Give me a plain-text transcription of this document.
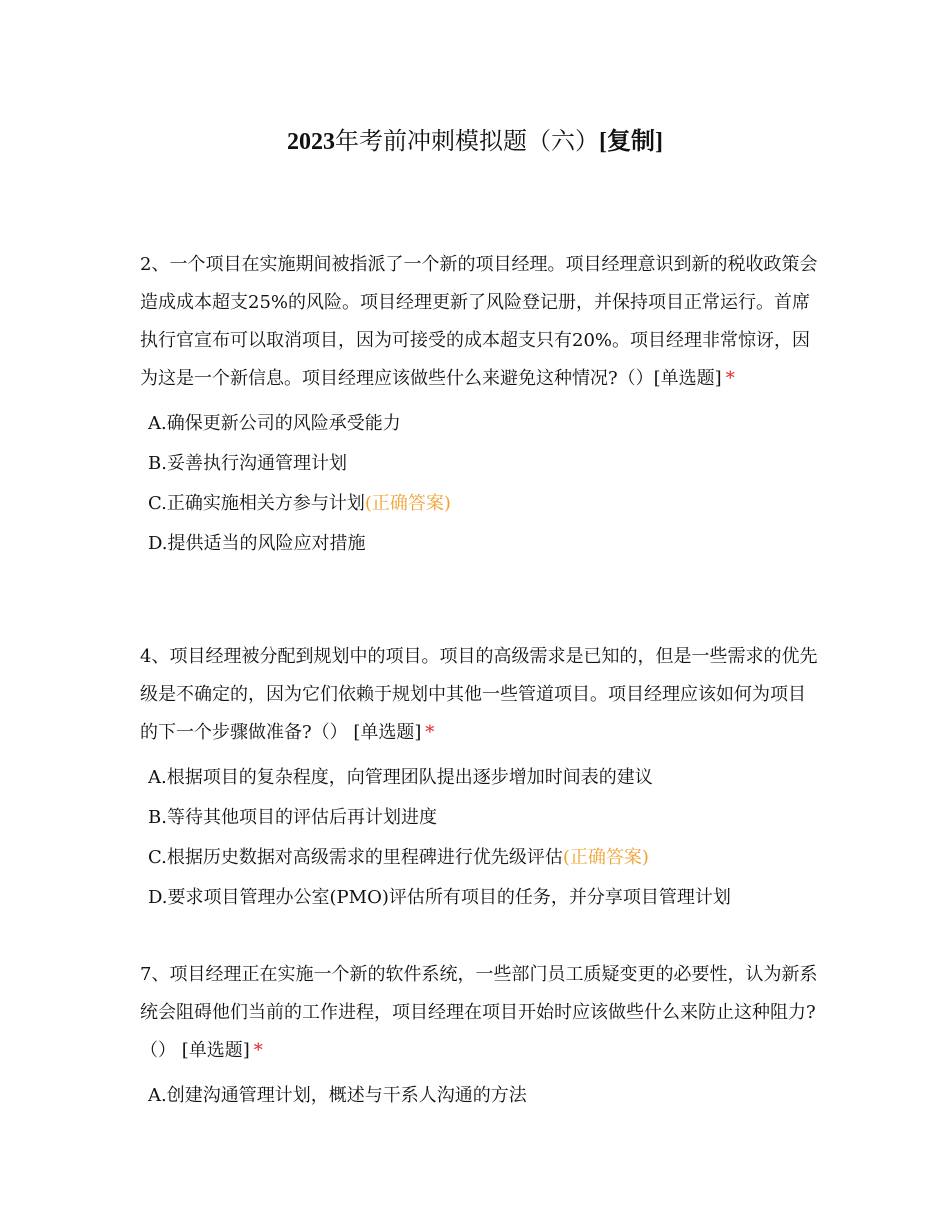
2023年考前冲刺模拟题（六）[复制]

2、一个项目在实施期间被指派了一个新的项目经理。项目经理意识到新的税收政策会造成成本超支25%的风险。项目经理更新了风险登记册，并保持项目正常运行。首席执行官宣布可以取消项目，因为可接受的成本超支只有20%。项目经理非常惊讶，因为这是一个新信息。项目经理应该做些什么来避免这种情况?（）[单选题] *

A.确保更新公司的风险承受能力
B.妥善执行沟通管理计划
C.正确实施相关方参与计划(正确答案)
D.提供适当的风险应对措施

4、项目经理被分配到规划中的项目。项目的高级需求是已知的，但是一些需求的优先级是不确定的，因为它们依赖于规划中其他一些管道项目。项目经理应该如何为项目的下一个步骤做准备?（） [单选题] *

A.根据项目的复杂程度，向管理团队提出逐步增加时间表的建议
B.等待其他项目的评估后再计划进度
C.根据历史数据对高级需求的里程碑进行优先级评估(正确答案)
D.要求项目管理办公室(PMO)评估所有项目的任务，并分享项目管理计划

7、项目经理正在实施一个新的软件系统，一些部门员工质疑变更的必要性，认为新系统会阻碍他们当前的工作进程，项目经理在项目开始时应该做些什么来防止这种阻力?（） [单选题] *

A.创建沟通管理计划，概述与干系人沟通的方法
